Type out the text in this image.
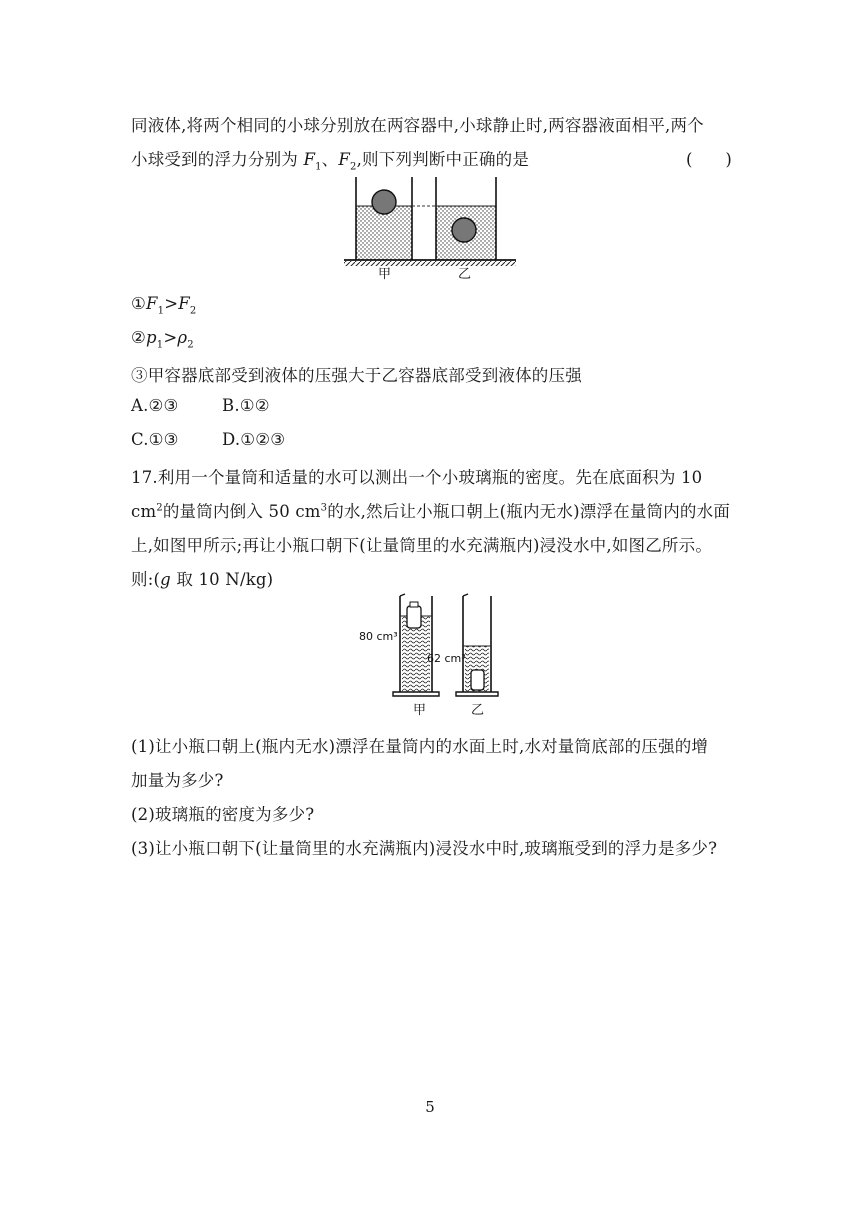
同液体,将两个相同的小球分别放在两容器中,小球静止时,两容器液面相平,两个
小球受到的浮力分别为 $F_1$、$F_2$,则下列判断中正确的是	(　　)
甲	乙
$①F_1>F_2$
$②p_1>\rho_2$
③甲容器底部受到液体的压强大于乙容器底部受到液体的压强
A.②③	B.①②
C.①③	D.①②③
17.利用一个量筒和适量的水可以测出一个小玻璃瓶的密度。先在底面积为 10
$cm^2$的量筒内倒入 50 $cm^3$的水,然后让小瓶口朝上(瓶内无水)漂浮在量筒内的水面
上,如图甲所示;再让小瓶口朝下(让量筒里的水充满瓶内)浸没水中,如图乙所示。
则:(g 取 10 N/kg)
80 cm³
62 cm³
甲	乙
(1)让小瓶口朝上(瓶内无水)漂浮在量筒内的水面上时,水对量筒底部的压强的增
加量为多少?
(2)玻璃瓶的密度为多少?
(3)让小瓶口朝下(让量筒里的水充满瓶内)浸没水中时,玻璃瓶受到的浮力是多少?
5
